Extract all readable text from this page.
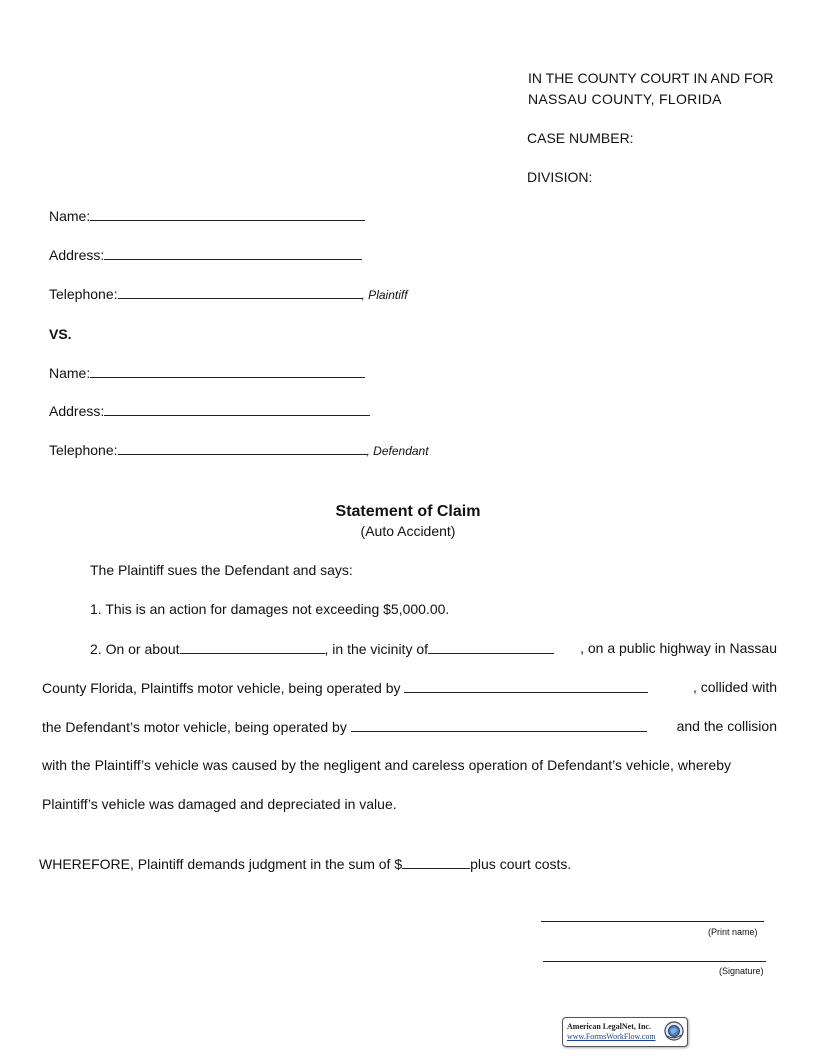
IN THE COUNTY COURT IN AND FOR
NASSAU COUNTY, FLORIDA
CASE NUMBER:
DIVISION:
Name:
Address:
Telephone:	, Plaintiff
VS.
Name:
Address:
Telephone:	, Defendant
Statement of Claim
(Auto Accident)
The Plaintiff sues the Defendant and says:
1. This is an action for damages not exceeding $5,000.00.
2. On or about	, in the vicinity of	, on a public highway in Nassau
County Florida, Plaintiffs motor vehicle, being operated by	, collided with
the Defendant’s motor vehicle, being operated by	and the collision
with the Plaintiff’s vehicle was caused by the negligent and careless operation of Defendant’s vehicle, whereby
Plaintiff’s vehicle was damaged and depreciated in value.
WHEREFORE, Plaintiff demands judgment in the sum of $	plus court costs.
(Print name)
(Signature)
American LegalNet, Inc.
www.FormsWorkFlow.com
